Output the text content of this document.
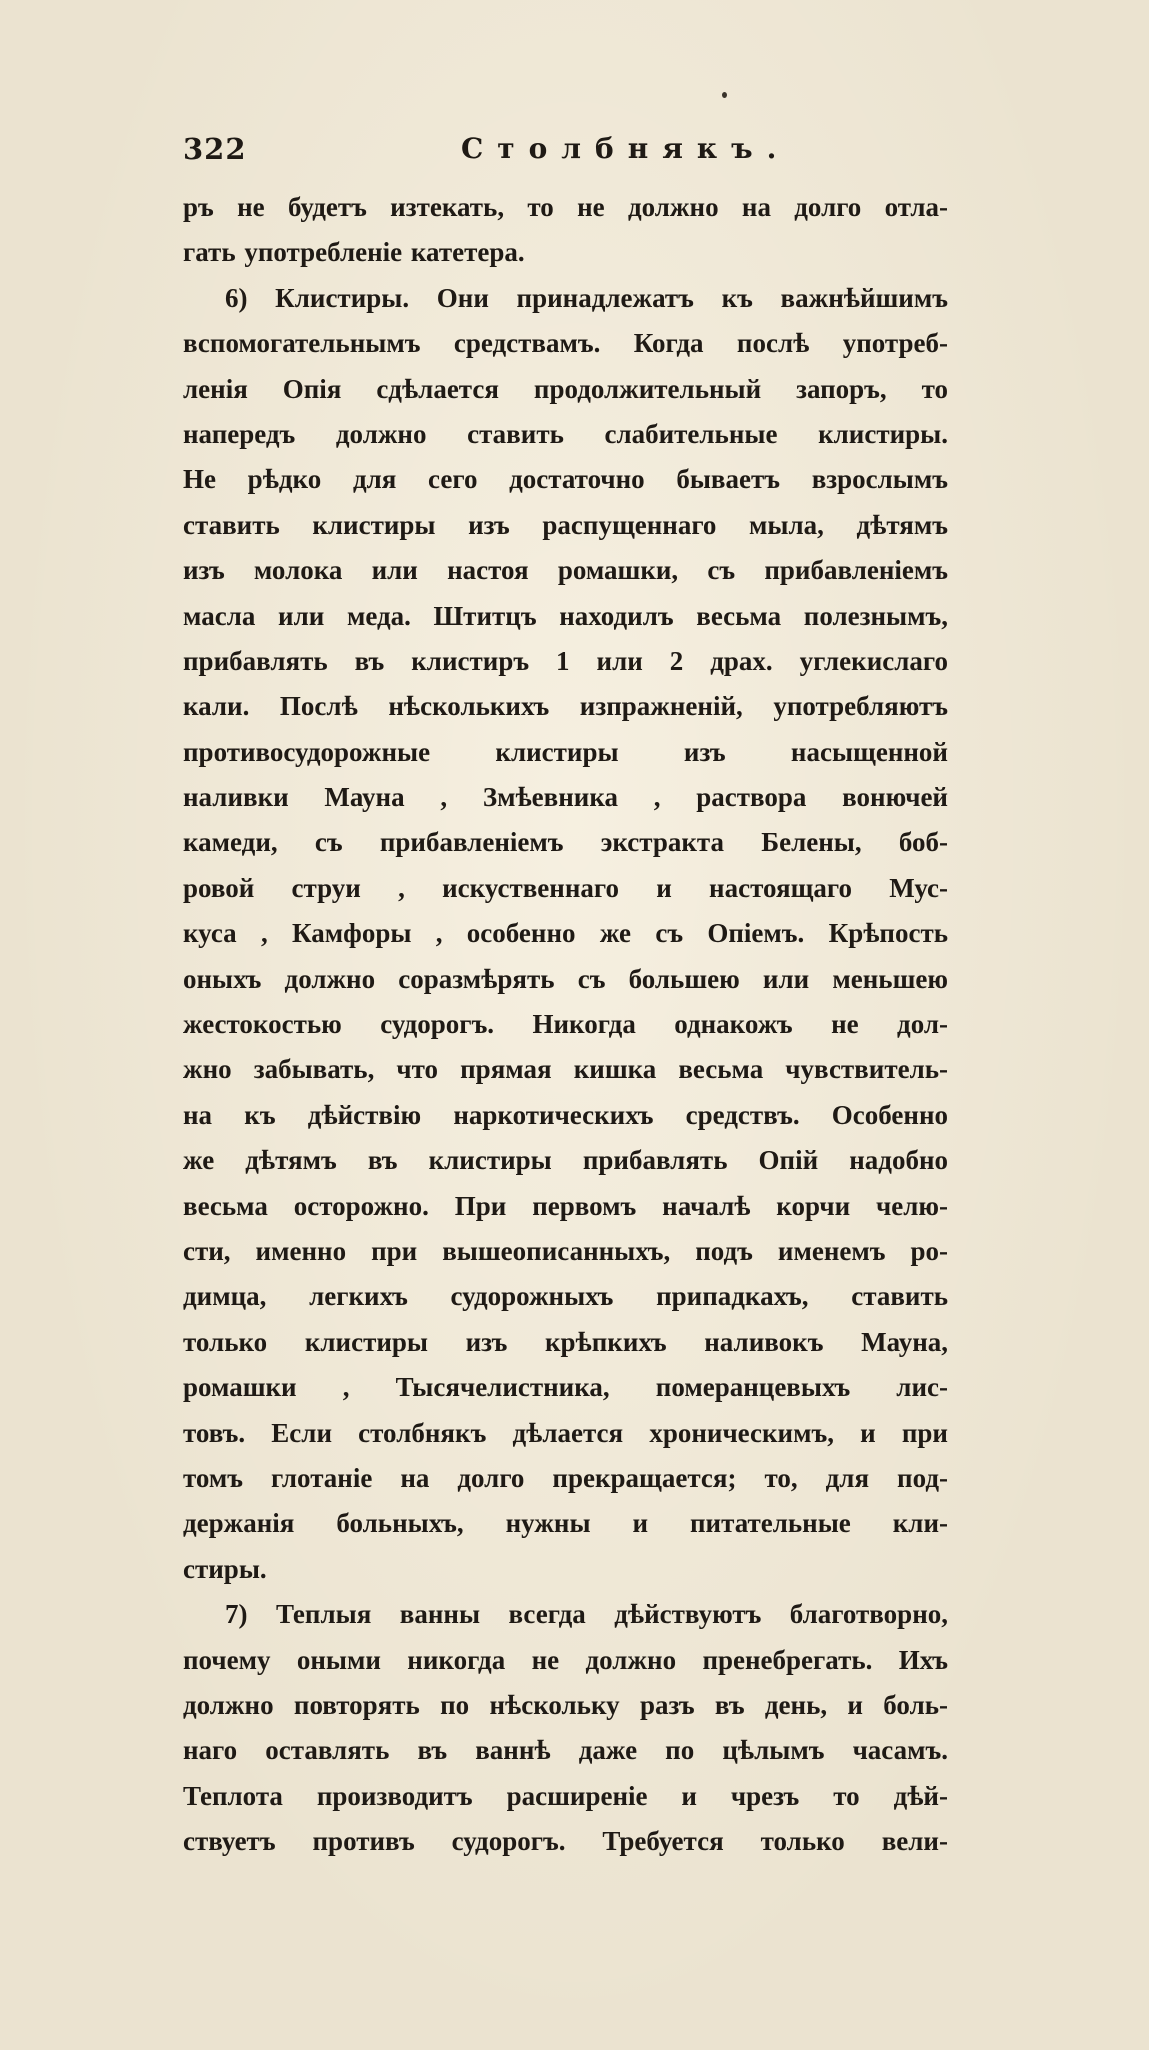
322	Столбнякъ.
ръ не будетъ изтекать, то не должно на долго отла-
гать употребленiе катетера.
6) Клистиры. Они принадлежатъ къ важнѣйшимъ
вспомогательнымъ средствамъ. Когда послѣ употреб-
ленiя Опiя сдѣлается продолжительный запоръ, то
напередъ должно ставить слабительные клистиры.
Не рѣдко для сего достаточно бываетъ взрослымъ
ставить клистиры изъ распущеннаго мыла, дѣтямъ
изъ молока или настоя ромашки, съ прибавленiемъ
масла или меда. Штитцъ находилъ весьма полезнымъ,
прибавлять въ клистиръ 1 или 2 драх. углекислаго
кали. Послѣ нѣсколькихъ изпражненiй, употребляютъ
противосудорожные клистиры изъ насыщенной
наливки Мауна , Змѣевника , раствора вонючей
камеди, съ прибавленiемъ экстракта Белены, боб-
ровой струи , искуственнаго и настоящаго Мус-
куса , Камфоры , особенно же съ Опiемъ. Крѣпость
оныхъ должно соразмѣрять съ большею или меньшею
жестокостью судорогъ. Никогда однакожъ не дол-
жно забывать, что прямая кишка весьма чувствитель-
на къ дѣйствiю наркотическихъ средствъ. Особенно
же дѣтямъ въ клистиры прибавлять Опiй надобно
весьма осторожно. При первомъ началѣ корчи челю-
сти, именно при вышеописанныхъ, подъ именемъ ро-
димца, легкихъ судорожныхъ припадкахъ, ставить
только клистиры изъ крѣпкихъ наливокъ Мауна,
ромашки , Тысячелистника, померанцевыхъ лис-
товъ. Если столбнякъ дѣлается хроническимъ, и при
томъ глотанiе на долго прекращается; то, для под-
держанiя больныхъ, нужны и питательные кли-
стиры.
7) Теплыя ванны всегда дѣйствуютъ благотворно,
почему оными никогда не должно пренебрегать. Ихъ
должно повторять по нѣскольку разъ въ день, и боль-
наго оставлять въ ваннѣ даже по цѣлымъ часамъ.
Теплота производитъ расширенiе и чрезъ то дѣй-
ствуетъ противъ судорогъ. Требуется только вели-
